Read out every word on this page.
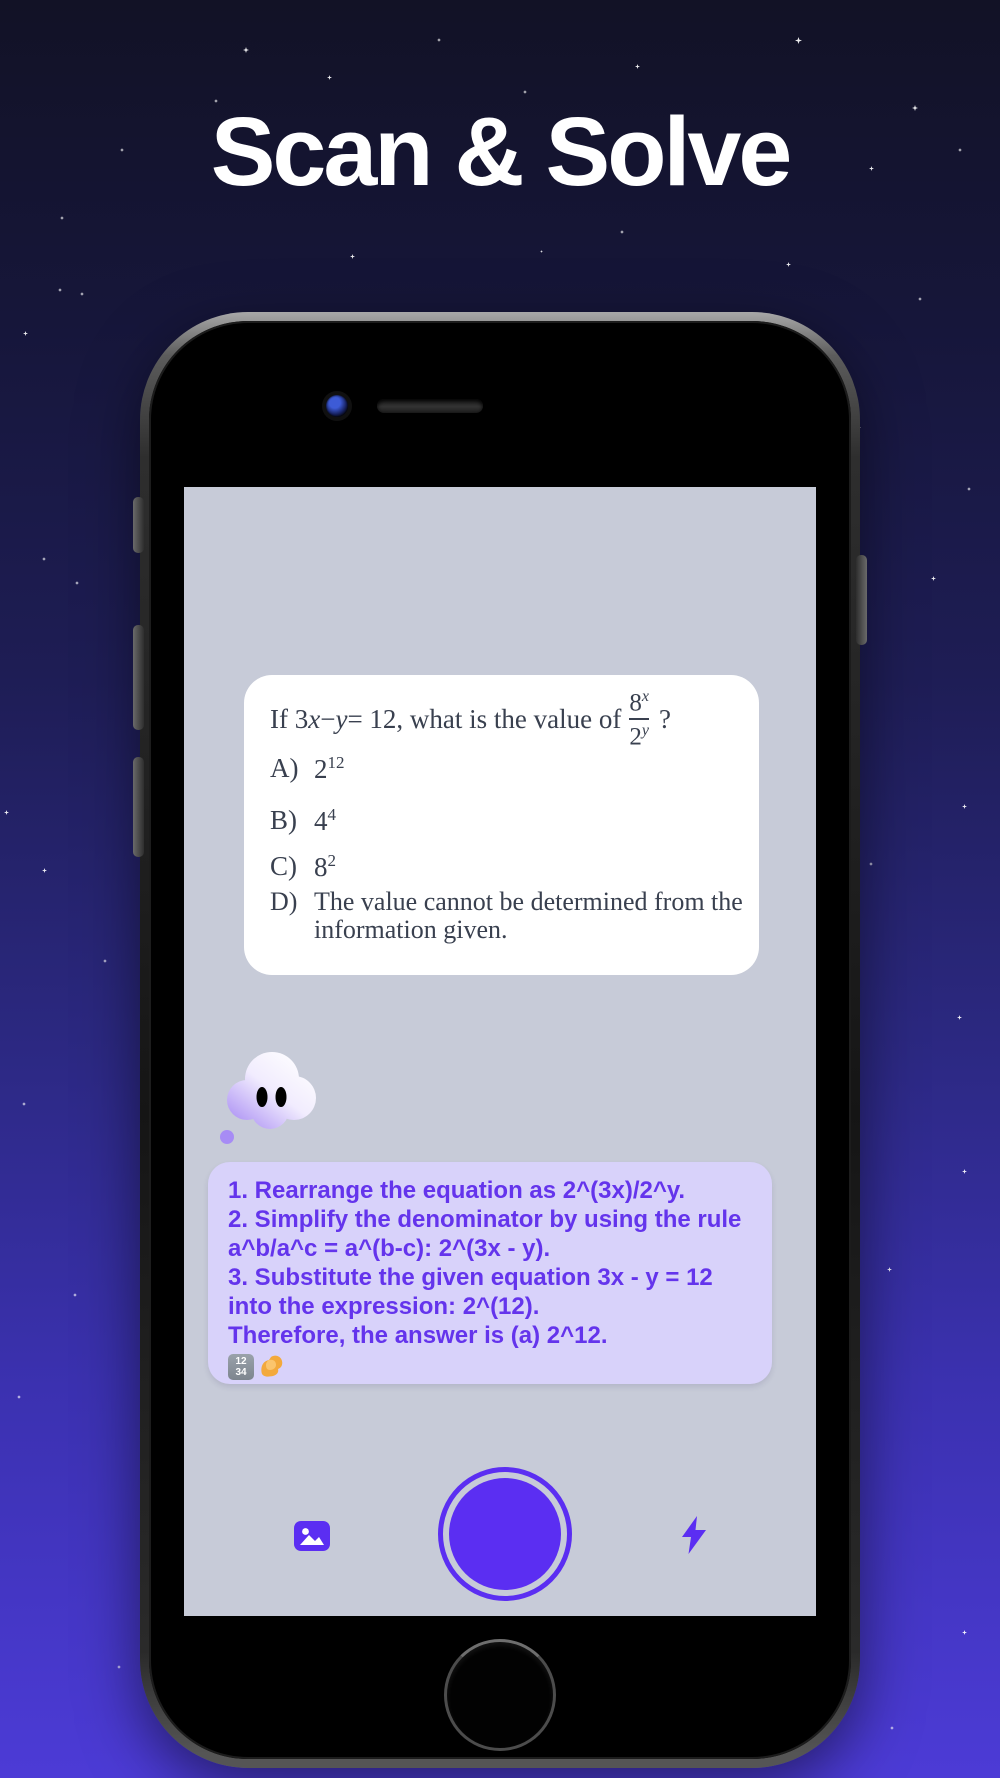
Scan & Solve
If 3 x − y = 12, what is the value of $\frac{8^x}{2^y}$ ?
A) $2^{12}$
B) $4^4$
C) $8^2$
D) The value cannot be determined from the information given.

1. Rearrange the equation as 2^(3x)/2^y.

2. Simplify the denominator by using the rule a^b/a^c = a^(b-c): 2^(3x - y).

3. Substitute the given equation 3x - y = 12 into the expression: 2^(12).

Therefore, the answer is (a) 2^12.

12
34
